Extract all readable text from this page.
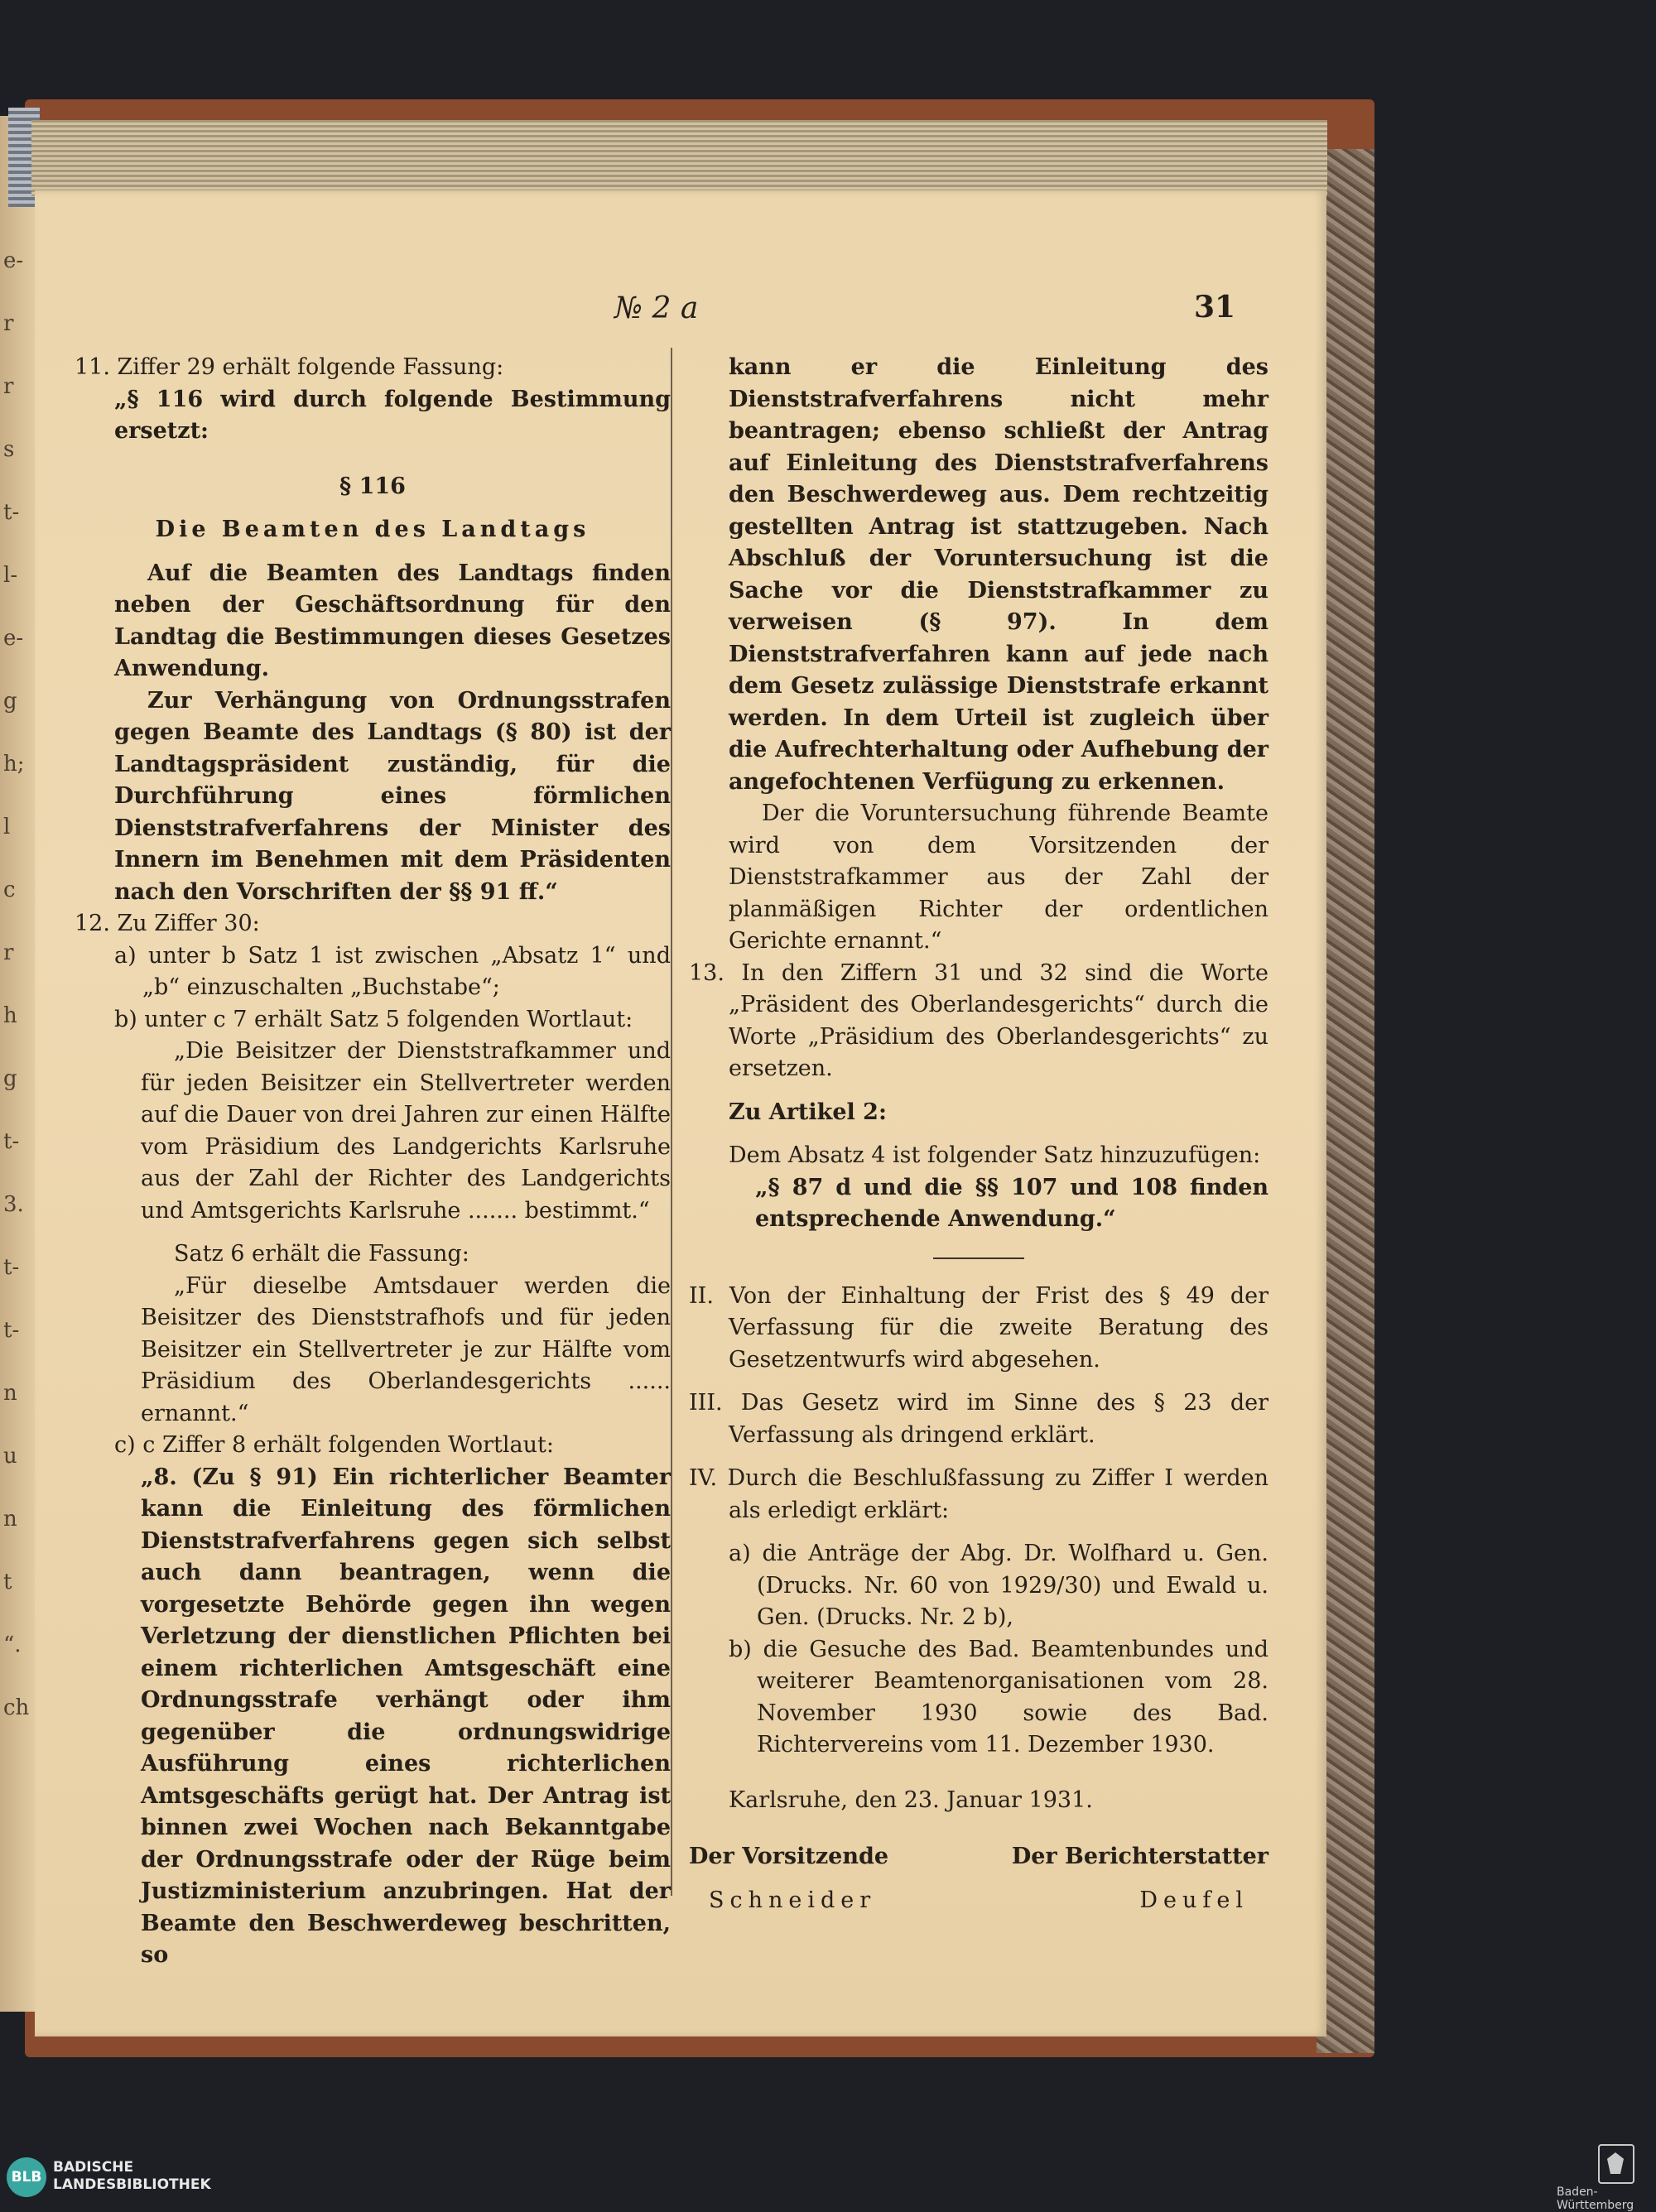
e-
r
r
s
t-
l-
e-
g
h;
l
c
r
h
g
t-
3.
t-
t-
n
u
n
t
“.
ch
№ 2 a	31

11. Ziffer 29 erhält folgende Fassung:

„§ 116 wird durch folgende Bestimmung ersetzt:

§ 116

Die Beamten des Landtags

Auf die Beamten des Landtags finden neben der Geschäftsordnung für den Landtag die Bestimmungen dieses Gesetzes Anwendung.

Zur Verhängung von Ordnungsstrafen gegen Beamte des Landtags (§ 80) ist der Landtagspräsident zuständig, für die Durchführung eines förmlichen Dienststrafverfahrens der Minister des Innern im Benehmen mit dem Präsidenten nach den Vorschriften der §§ 91 ff.“

12. Zu Ziffer 30:

a) unter b Satz 1 ist zwischen „Absatz 1“ und „b“ einzuschalten „Buchstabe“;

b) unter c 7 erhält Satz 5 folgenden Wortlaut:

„Die Beisitzer der Dienststrafkammer und für jeden Beisitzer ein Stellvertreter werden auf die Dauer von drei Jahren zur einen Hälfte vom Präsidium des Landgerichts Karlsruhe aus der Zahl der Richter des Landgerichts und Amtsgerichts Karlsruhe ....... bestimmt.“

Satz 6 erhält die Fassung:

„Für dieselbe Amtsdauer werden die Beisitzer des Dienststrafhofs und für jeden Beisitzer ein Stellvertreter je zur Hälfte vom Präsidium des Oberlandesgerichts ...... ernannt.“

c) c Ziffer 8 erhält folgenden Wortlaut:

„8. (Zu § 91) Ein richterlicher Beamter kann die Einleitung des förmlichen Dienststrafverfahrens gegen sich selbst auch dann beantragen, wenn die vorgesetzte Behörde gegen ihn wegen Verletzung der dienstlichen Pflichten bei einem richterlichen Amtsgeschäft eine Ordnungsstrafe verhängt oder ihm gegenüber die ordnungswidrige Ausführung eines richterlichen Amtsgeschäfts gerügt hat. Der Antrag ist binnen zwei Wochen nach Bekanntgabe der Ordnungsstrafe oder der Rüge beim Justizministerium anzubringen. Hat der Beamte den Beschwerdeweg beschritten, so

kann er die Einleitung des Dienststrafverfahrens nicht mehr beantragen; ebenso schließt der Antrag auf Einleitung des Dienststrafverfahrens den Beschwerdeweg aus. Dem rechtzeitig gestellten Antrag ist stattzugeben. Nach Abschluß der Voruntersuchung ist die Sache vor die Dienststrafkammer zu verweisen (§ 97). In dem Dienststrafverfahren kann auf jede nach dem Gesetz zulässige Dienststrafe erkannt werden. In dem Urteil ist zugleich über die Aufrechterhaltung oder Aufhebung der angefochtenen Verfügung zu erkennen.

Der die Voruntersuchung führende Beamte wird von dem Vorsitzenden der Dienststrafkammer aus der Zahl der planmäßigen Richter der ordentlichen Gerichte ernannt.“

13. In den Ziffern 31 und 32 sind die Worte „Präsident des Oberlandesgerichts“ durch die Worte „Präsidium des Oberlandesgerichts“ zu ersetzen.

Zu Artikel 2:

Dem Absatz 4 ist folgender Satz hinzuzufügen:

„§ 87 d und die §§ 107 und 108 finden entsprechende Anwendung.“

II. Von der Einhaltung der Frist des § 49 der Verfassung für die zweite Beratung des Gesetzentwurfs wird abgesehen.

III. Das Gesetz wird im Sinne des § 23 der Verfassung als dringend erklärt.

IV. Durch die Beschlußfassung zu Ziffer I werden als erledigt erklärt:

a) die Anträge der Abg. Dr. Wolfhard u. Gen. (Drucks. Nr. 60 von 1929/30) und Ewald u. Gen. (Drucks. Nr. 2 b),

b) die Gesuche des Bad. Beamtenbundes und weiterer Beamtenorganisationen vom 28. November 1930 sowie des Bad. Richtervereins vom 11. Dezember 1930.

Karlsruhe, den 23. Januar 1931.

Der Vorsitzende	Der Berichterstatter
Schneider	Deufel
BLB
BADISCHE
LANDESBIBLIOTHEK	Baden-Württemberg
